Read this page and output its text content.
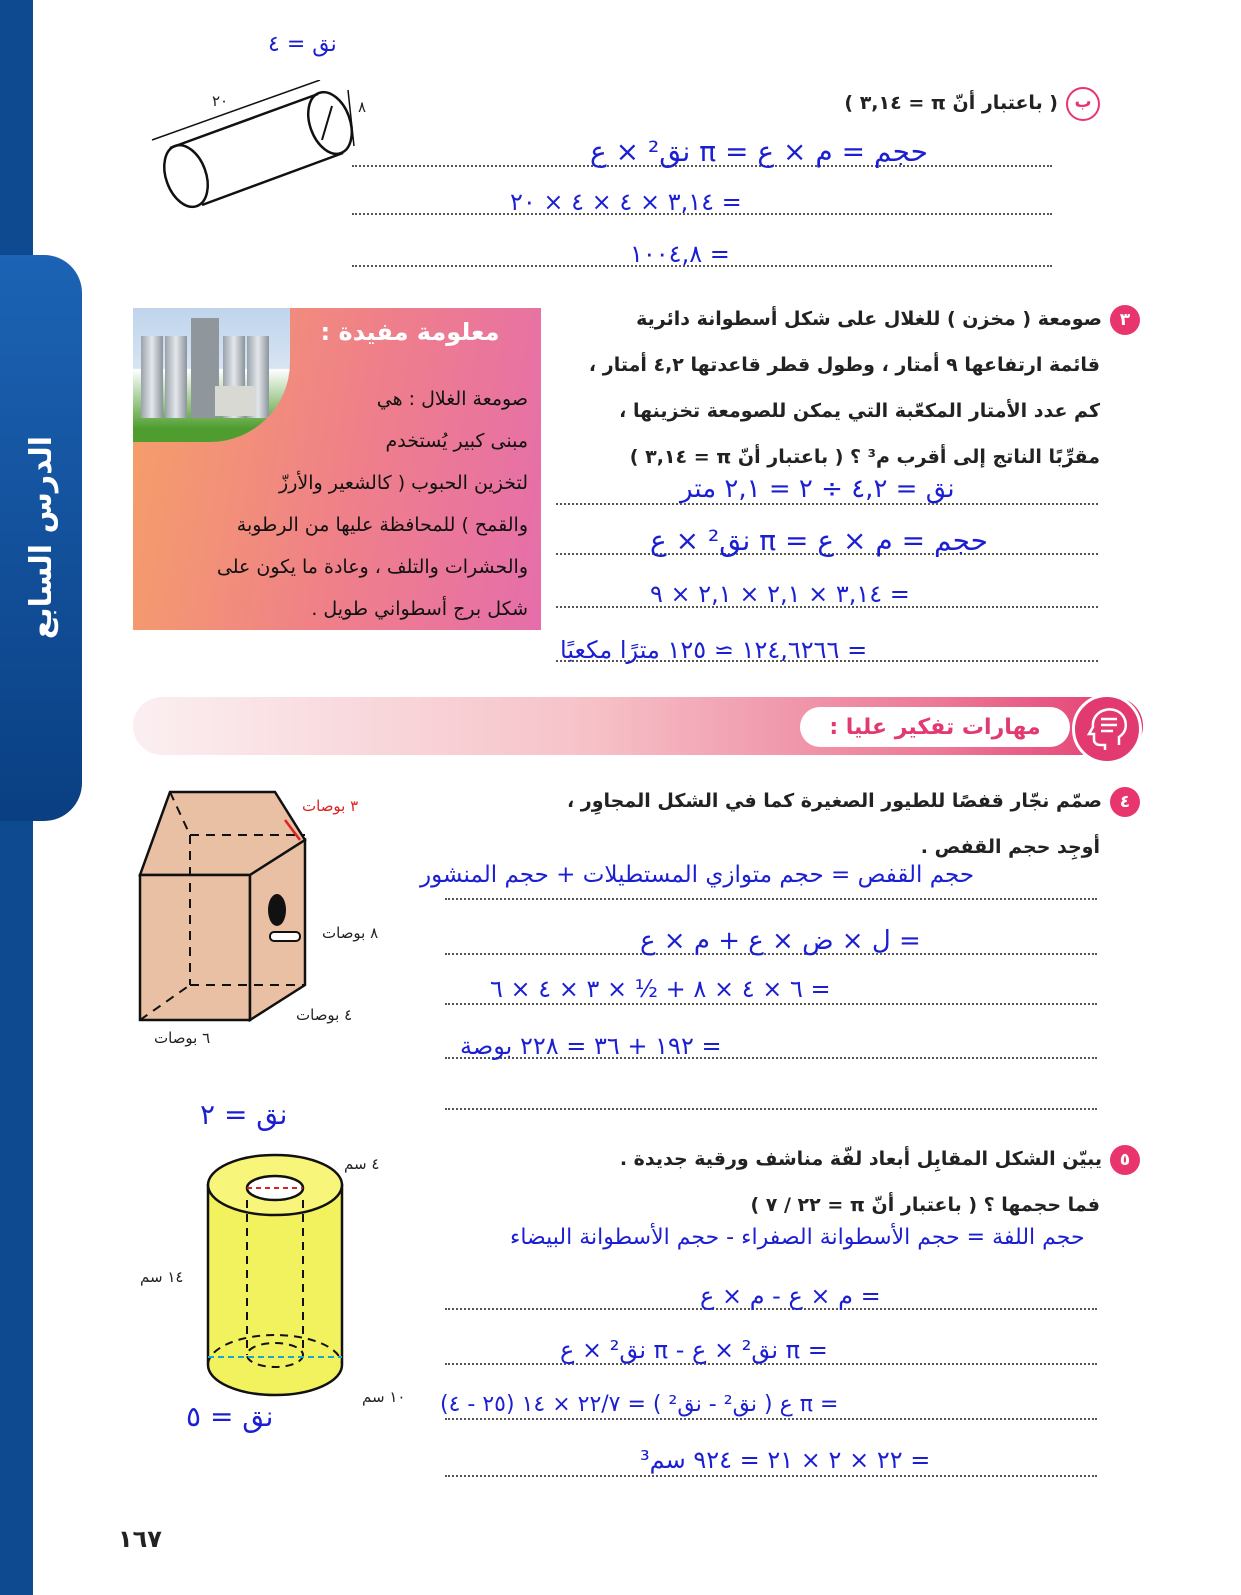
الدرس السابع
نق = ٤
٢٠	٨	ب( باعتبار أنّ π = ٣,١٤ )
حجم = م × ع = π نق² × ع
= ٣,١٤ × ٤ × ٤ × ٢٠
= ١٠٠٤,٨
معلومة مفيدة :
صومعة الغلال : هي
مبنى كبير يُستخدم
لتخزين الحبوب ( كالشعير والأرزّ
والقمح ) للمحافظة عليها من الرطوبة
والحشرات والتلف ، وعادة ما يكون على
شكل برج أسطواني طويل .
٣صومعة ( مخزن ) للغلال على شكل أسطوانة دائرية
قائمة ارتفاعها ٩ أمتار ، وطول قطر قاعدتها ٤,٢ أمتار ،
كم عدد الأمتار المكعّبة التي يمكن للصومعة تخزينها ،
مقرِّبًا الناتج إلى أقرب م³ ؟ ( باعتبار أنّ π = ٣,١٤ )
نق = ٤,٢ ÷ ٢ = ٢,١ متر
حجم = م × ع = π نق² × ع
= ٣,١٤ × ٢,١ × ٢,١ × ٩
= ١٢٤,٦٢٦٦ ≃ ١٢٥ مترًا مكعبًا
مهارات تفكير عليا :
٣ بوصات
٨ بوصات
٤ بوصات
٦ بوصات
٤صمّم نجّار قفصًا للطيور الصغيرة كما في الشكل المجاوِر ،
أوجِد حجم القفص .
حجم القفص = حجم متوازي المستطيلات + حجم المنشور
= ل × ض × ع + م × ع
= ٦ × ٤ × ٨ + ½ × ٣ × ٤ × ٦
= ١٩٢ + ٣٦ = ٢٢٨ بوصة
نق = ٢
٤ سم
١٤ سم
١٠ سم
نق = ٥
٥يبيّن الشكل المقابِل أبعاد لفّة مناشف ورقية جديدة .
فما حجمها ؟ ( باعتبار أنّ π = ٢٢ / ٧ )
حجم اللفة = حجم الأسطوانة الصفراء - حجم الأسطوانة البيضاء
= م × ع - م × ع
= π نق² × ع - π نق² × ع
= π ع ( نق² - نق² ) = ٢٢/٧ × ١٤ (٢٥ - ٤)
= ٢٢ × ٢ × ٢١ = ٩٢٤ سم³
١٦٧
